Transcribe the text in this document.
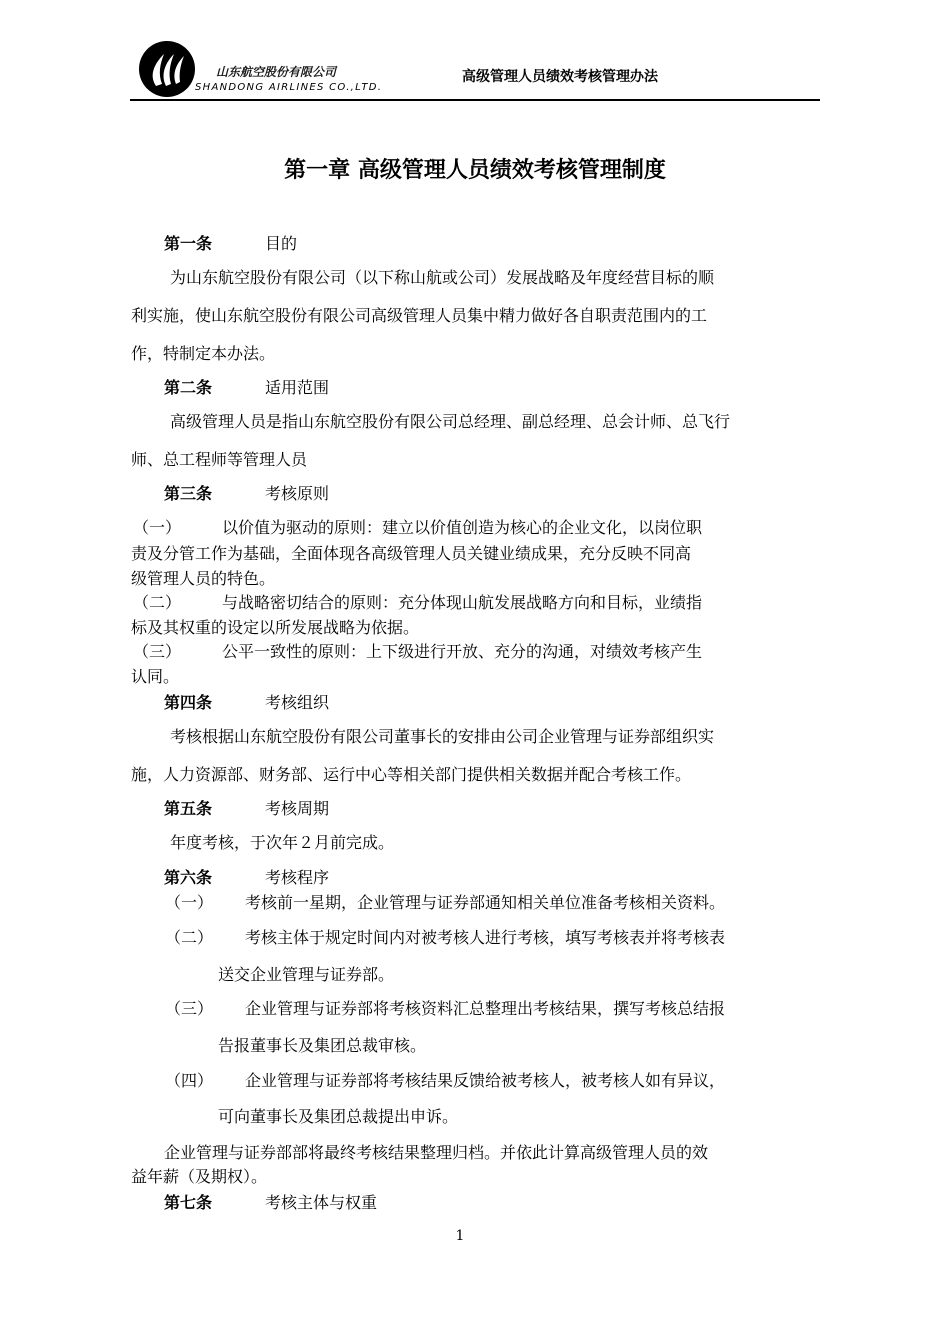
山东航空股份有限公司
SHANDONG AIRLINES CO.,LTD.
高级管理人员绩效考核管理办法
第一章 高级管理人员绩效考核管理制度
第一条	目的
为山东航空股份有限公司（以下称山航或公司）发展战略及年度经营目标的顺
利实施，使山东航空股份有限公司高级管理人员集中精力做好各自职责范围内的工
作，特制定本办法。
第二条	适用范围
高级管理人员是指山东航空股份有限公司总经理、副总经理、总会计师、总飞行
师、总工程师等管理人员
第三条	考核原则
（一）	以价值为驱动的原则：建立以价值创造为核心的企业文化，以岗位职
责及分管工作为基础，全面体现各高级管理人员关键业绩成果，充分反映不同高
级管理人员的特色。
（二）	与战略密切结合的原则：充分体现山航发展战略方向和目标，业绩指
标及其权重的设定以所发展战略为依据。
（三）	公平一致性的原则：上下级进行开放、充分的沟通，对绩效考核产生
认同。
第四条	考核组织
考核根据山东航空股份有限公司董事长的安排由公司企业管理与证券部组织实
施，人力资源部、财务部、运行中心等相关部门提供相关数据并配合考核工作。
第五条	考核周期
年度考核，于次年２月前完成。
第六条	考核程序
（一） 考核前一星期，企业管理与证券部通知相关单位准备考核相关资料。
（二） 考核主体于规定时间内对被考核人进行考核，填写考核表并将考核表
送交企业管理与证券部。
（三） 企业管理与证券部将考核资料汇总整理出考核结果，撰写考核总结报
告报董事长及集团总裁审核。
（四） 企业管理与证券部将考核结果反馈给被考核人，被考核人如有异议，
可向董事长及集团总裁提出申诉。
企业管理与证券部部将最终考核结果整理归档。并依此计算高级管理人员的效
益年薪（及期权）。
第七条	考核主体与权重
1
